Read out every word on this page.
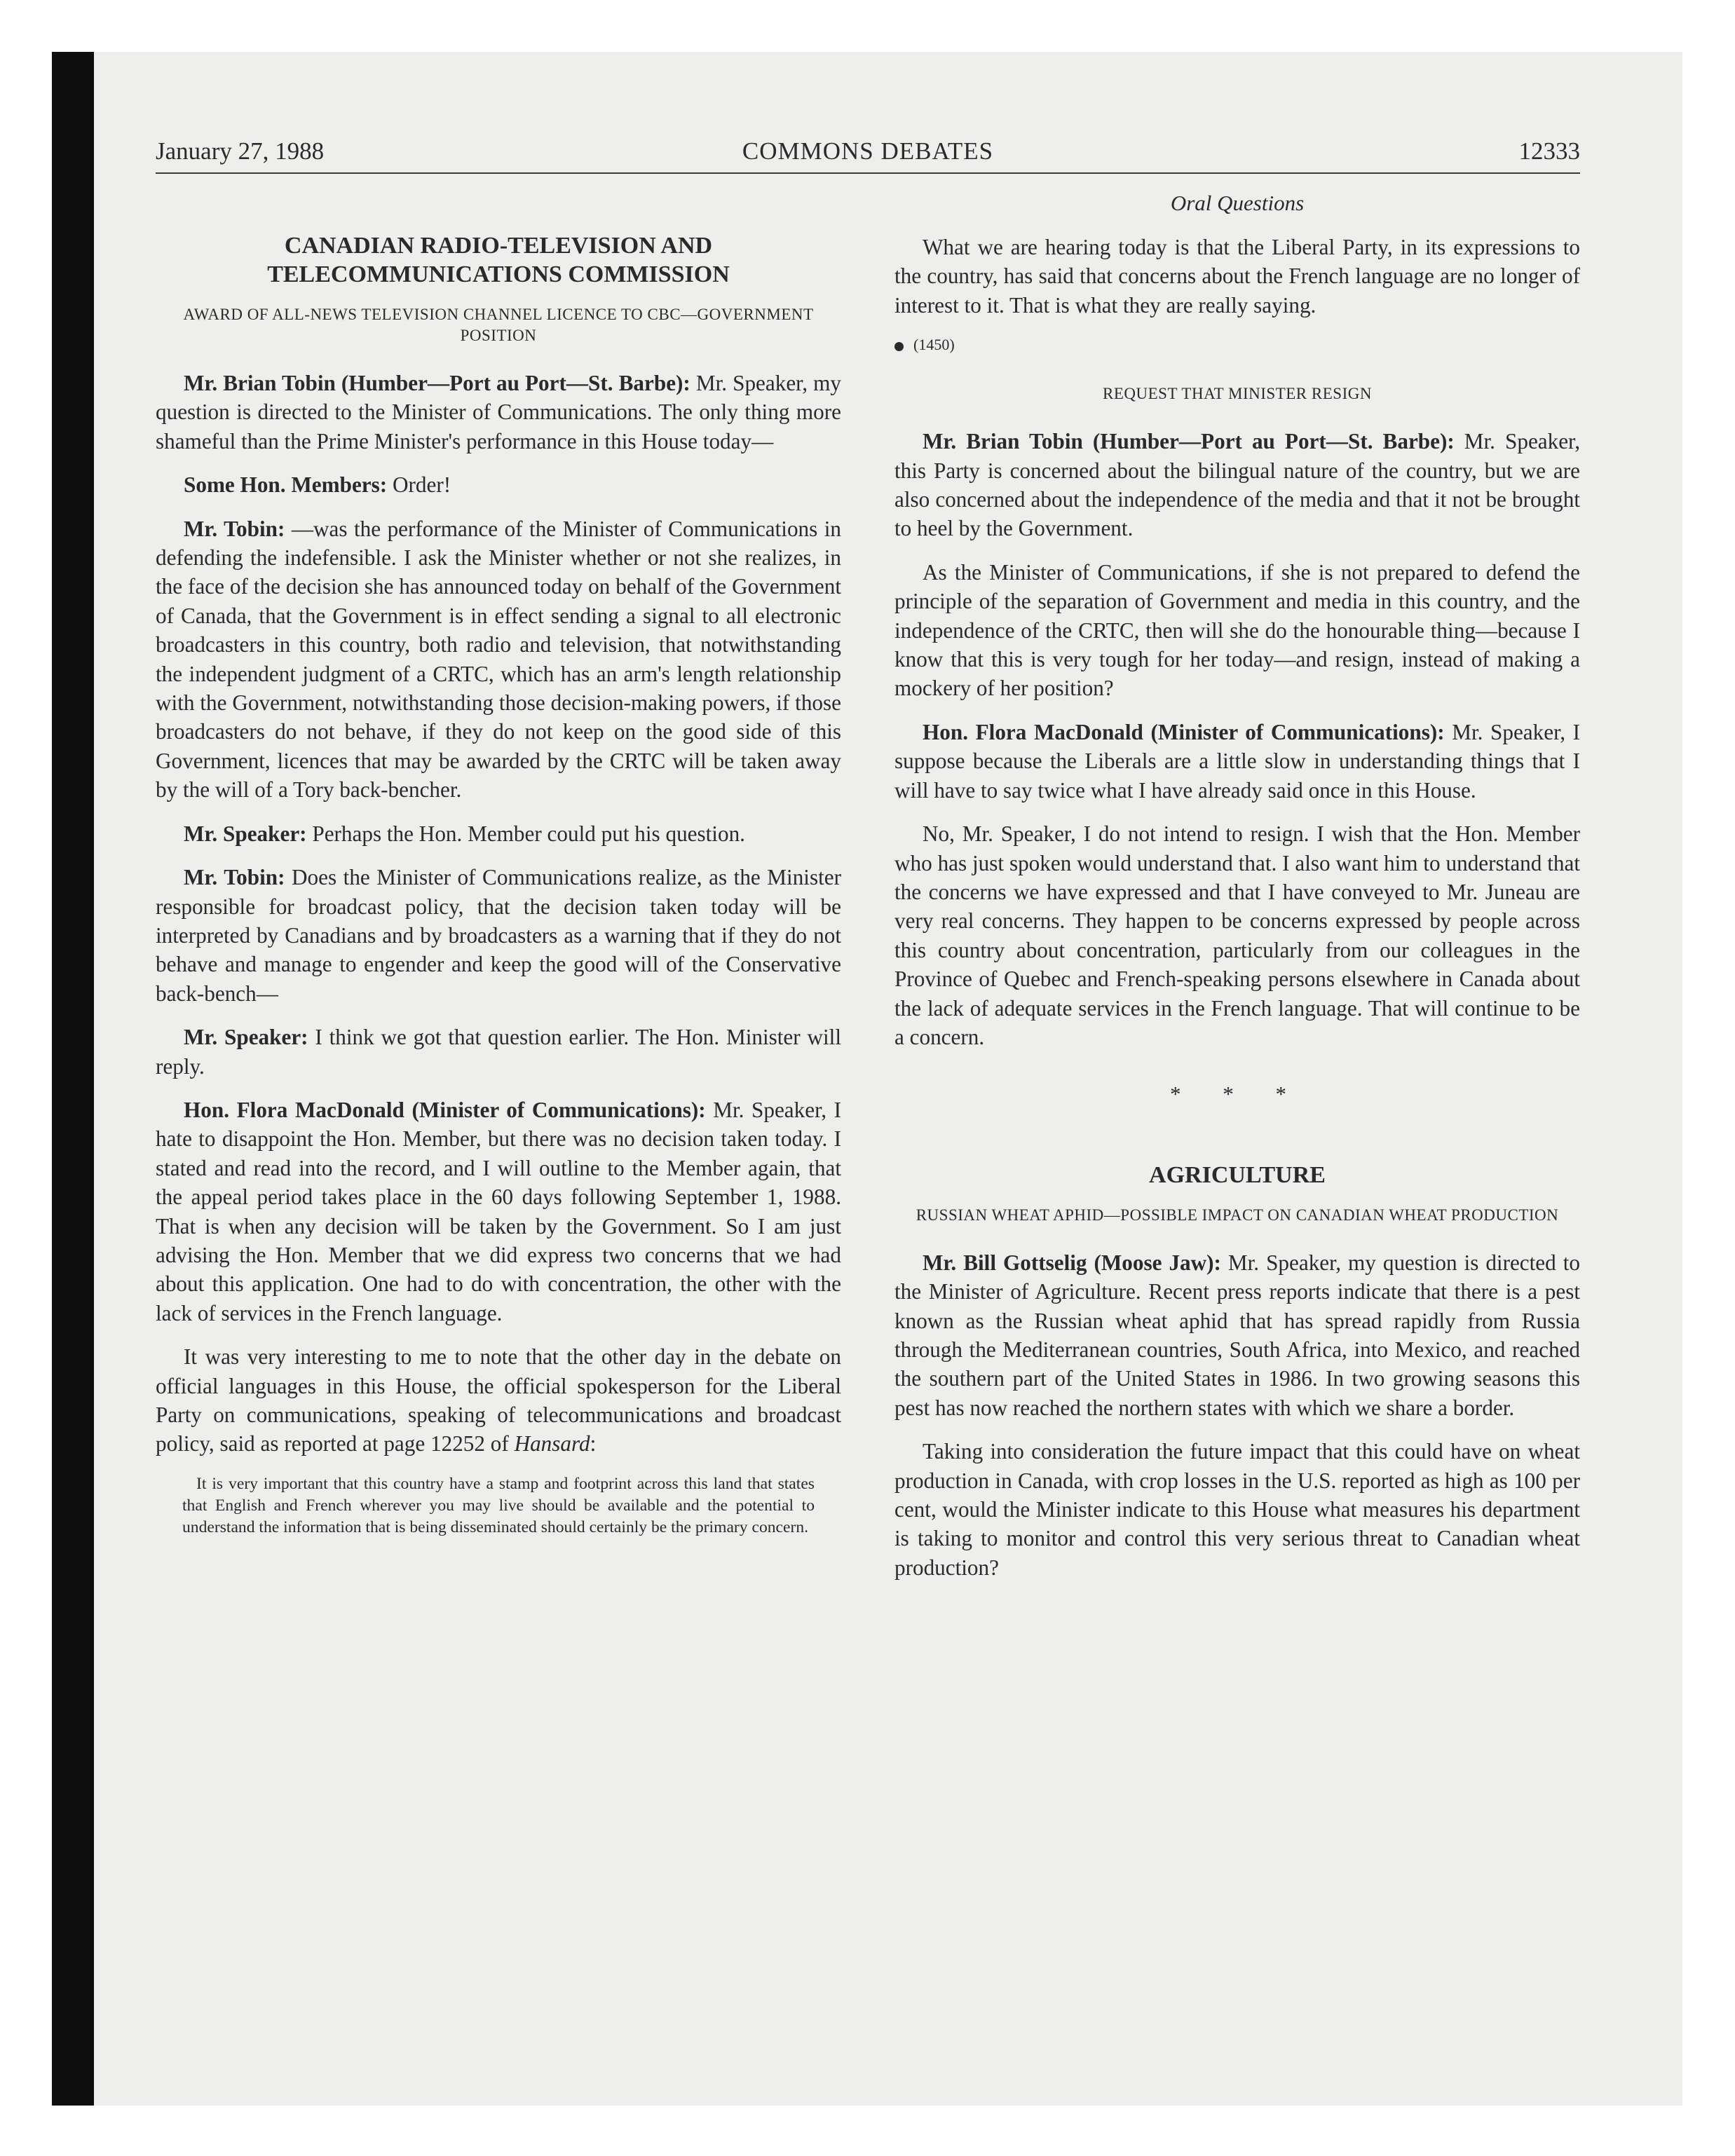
January 27, 1988	COMMONS DEBATES	12333
CANADIAN RADIO-TELEVISION AND TELECOMMUNICATIONS COMMISSION
AWARD OF ALL-NEWS TELEVISION CHANNEL LICENCE TO CBC—GOVERNMENT POSITION

Mr. Brian Tobin (Humber—Port au Port—St. Barbe): Mr. Speaker, my question is directed to the Minister of Communications. The only thing more shameful than the Prime Minister's performance in this House today—

Some Hon. Members: Order!

Mr. Tobin: —was the performance of the Minister of Communications in defending the indefensible. I ask the Minister whether or not she realizes, in the face of the decision she has announced today on behalf of the Government of Canada, that the Government is in effect sending a signal to all electronic broadcasters in this country, both radio and television, that notwithstanding the independent judgment of a CRTC, which has an arm's length relationship with the Government, notwithstanding those decision-making powers, if those broadcasters do not behave, if they do not keep on the good side of this Government, licences that may be awarded by the CRTC will be taken away by the will of a Tory back-bencher.

Mr. Speaker: Perhaps the Hon. Member could put his question.

Mr. Tobin: Does the Minister of Communications realize, as the Minister responsible for broadcast policy, that the decision taken today will be interpreted by Canadians and by broadcasters as a warning that if they do not behave and manage to engender and keep the good will of the Conservative back-bench—

Mr. Speaker: I think we got that question earlier. The Hon. Minister will reply.

Hon. Flora MacDonald (Minister of Communications): Mr. Speaker, I hate to disappoint the Hon. Member, but there was no decision taken today. I stated and read into the record, and I will outline to the Member again, that the appeal period takes place in the 60 days following September 1, 1988. That is when any decision will be taken by the Government. So I am just advising the Hon. Member that we did express two concerns that we had about this application. One had to do with concentration, the other with the lack of services in the French language.

It was very interesting to me to note that the other day in the debate on official languages in this House, the official spokesperson for the Liberal Party on communications, speaking of telecommunications and broadcast policy, said as reported at page 12252 of Hansard:

It is very important that this country have a stamp and footprint across this land that states that English and French wherever you may live should be available and the potential to understand the information that is being disseminated should certainly be the primary concern.

Oral Questions

What we are hearing today is that the Liberal Party, in its expressions to the country, has said that concerns about the French language are no longer of interest to it. That is what they are really saying.

(1450)
REQUEST THAT MINISTER RESIGN

Mr. Brian Tobin (Humber—Port au Port—St. Barbe): Mr. Speaker, this Party is concerned about the bilingual nature of the country, but we are also concerned about the independence of the media and that it not be brought to heel by the Government.

As the Minister of Communications, if she is not prepared to defend the principle of the separation of Government and media in this country, and the independence of the CRTC, then will she do the honourable thing—because I know that this is very tough for her today—and resign, instead of making a mockery of her position?

Hon. Flora MacDonald (Minister of Communications): Mr. Speaker, I suppose because the Liberals are a little slow in understanding things that I will have to say twice what I have already said once in this House.

No, Mr. Speaker, I do not intend to resign. I wish that the Hon. Member who has just spoken would understand that. I also want him to understand that the concerns we have expressed and that I have conveyed to Mr. Juneau are very real concerns. They happen to be concerns expressed by people across this country about concentration, particularly from our colleagues in the Province of Quebec and French-speaking persons elsewhere in Canada about the lack of adequate services in the French language. That will continue to be a concern.

* * *
AGRICULTURE
RUSSIAN WHEAT APHID—POSSIBLE IMPACT ON CANADIAN WHEAT PRODUCTION

Mr. Bill Gottselig (Moose Jaw): Mr. Speaker, my question is directed to the Minister of Agriculture. Recent press reports indicate that there is a pest known as the Russian wheat aphid that has spread rapidly from Russia through the Mediterranean countries, South Africa, into Mexico, and reached the southern part of the United States in 1986. In two growing seasons this pest has now reached the northern states with which we share a border.

Taking into consideration the future impact that this could have on wheat production in Canada, with crop losses in the U.S. reported as high as 100 per cent, would the Minister indicate to this House what measures his department is taking to monitor and control this very serious threat to Canadian wheat production?
